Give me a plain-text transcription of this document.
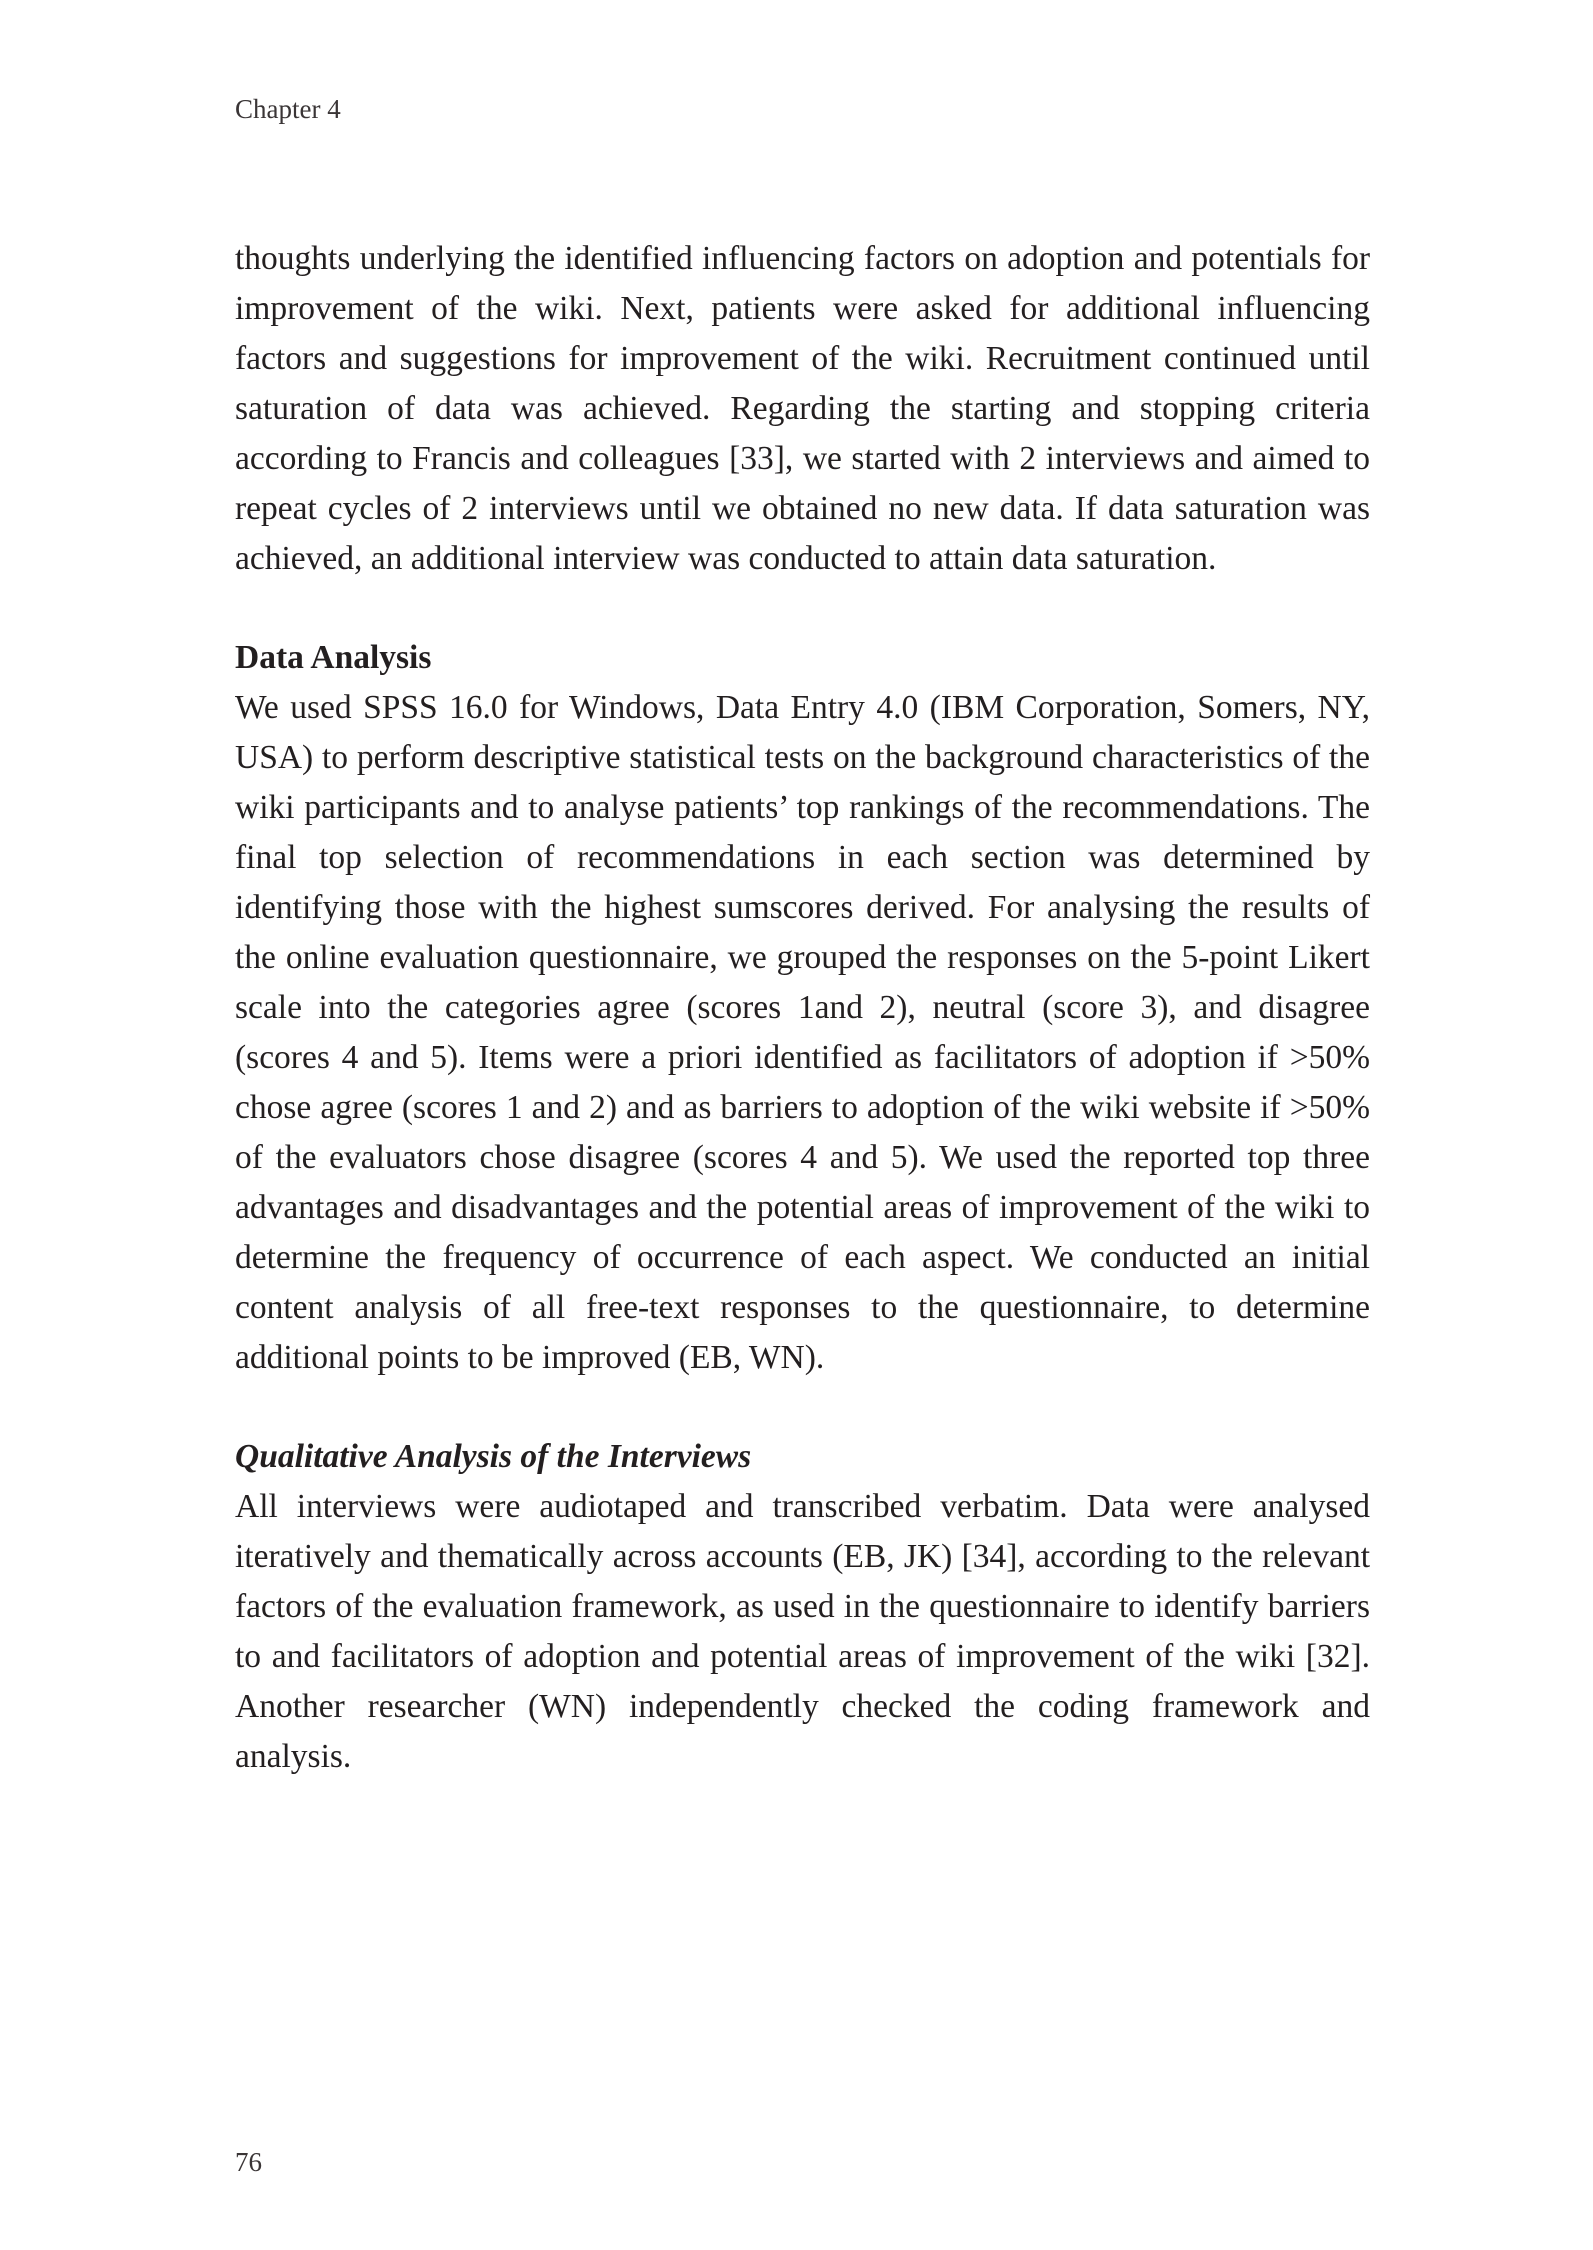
Chapter 4
thoughts underlying the identified influencing factors on adoption and potentials for improvement of the wiki. Next, patients were asked for additional influencing factors and suggestions for improvement of the wiki. Recruitment continued until saturation of data was achieved. Regarding the starting and stopping criteria according to Francis and colleagues [33], we started with 2 interviews and aimed to repeat cycles of 2 interviews until we obtained no new data. If data saturation was achieved, an additional interview was conducted to attain data saturation.
Data Analysis
We used SPSS 16.0 for Windows, Data Entry 4.0 (IBM Corporation, Somers, NY, USA) to perform descriptive statistical tests on the background characteristics of the wiki participants and to analyse patients’ top rankings of the recommendations. The final top selection of recommendations in each section was determined by identifying those with the highest sumscores derived. For analysing the results of the online evaluation questionnaire, we grouped the responses on the 5-point Likert scale into the categories agree (scores 1and 2), neutral (score 3), and disagree (scores 4 and 5). Items were a priori identified as facilitators of adoption if >50% chose agree (scores 1 and 2) and as barriers to adoption of the wiki website if >50% of the evaluators chose disagree (scores 4 and 5). We used the reported top three advantages and disadvantages and the potential areas of improvement of the wiki to determine the frequency of occurrence of each aspect. We conducted an initial content analysis of all free-text responses to the questionnaire, to determine additional points to be improved (EB, WN).
Qualitative Analysis of the Interviews
All interviews were audiotaped and transcribed verbatim. Data were analysed iteratively and thematically across accounts (EB, JK) [34], according to the relevant factors of the evaluation framework, as used in the questionnaire to identify barriers to and facilitators of adoption and potential areas of improvement of the wiki [32]. Another researcher (WN) independently checked the coding framework and analysis.
76
